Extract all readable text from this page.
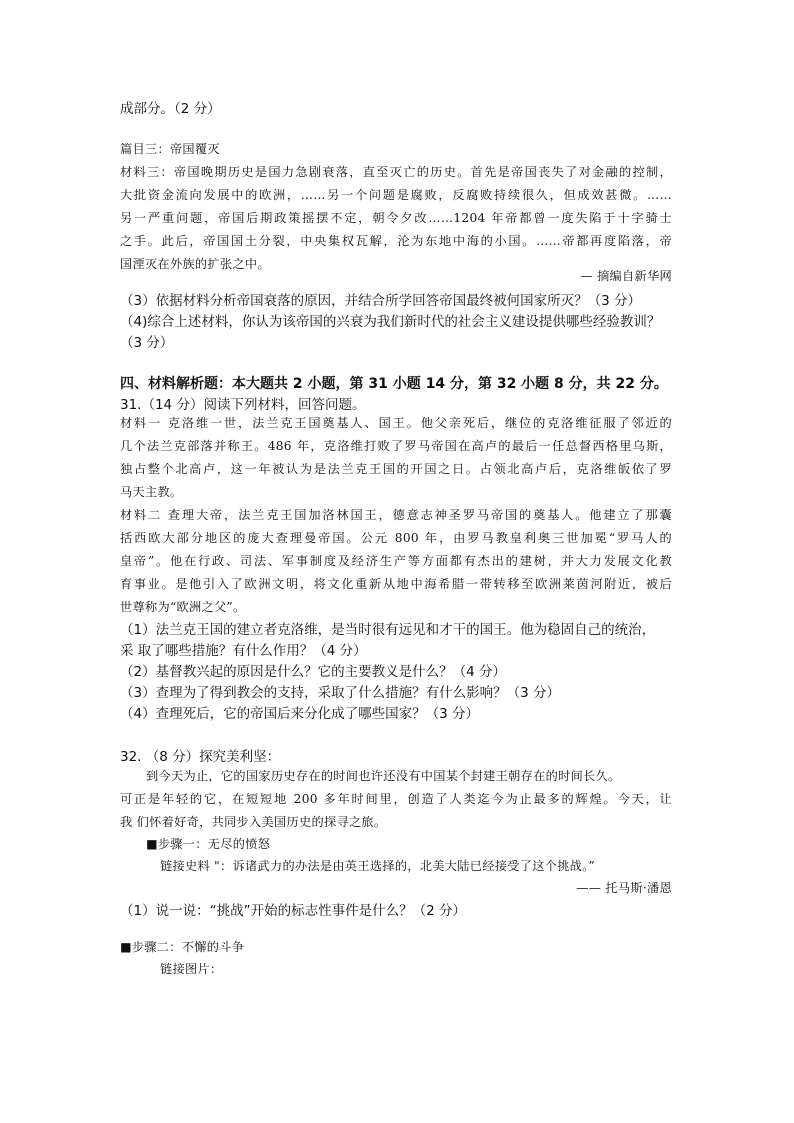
成部分。（2 分）
篇目三：帝国覆灭
材料三：帝国晚期历史是国力急剧衰落，直至灭亡的历史。首先是帝国丧失了对金融的控制，
大批资金流向发展中的欧洲，……另一个问题是腐败，反腐败持续很久，但成效甚微。……
另一严重问题，帝国后期政策摇摆不定，朝令夕改……1204 年帝都曾一度失陷于十字骑士
之手。此后，帝国国土分裂，中央集权瓦解，沦为东地中海的小国。……帝都再度陷落，帝
国湮灭在外族的扩张之中。
— 摘编自新华网
（3）依据材料分析帝国衰落的原因，并结合所学回答帝国最终被何国家所灭？（3 分）
（4)综合上述材料，你认为该帝国的兴衰为我们新时代的社会主义建设提供哪些经验教训？
（3 分）
四、材料解析题：本大题共 2 小题，第 31 小题 14 分，第 32 小题 8 分，共 22 分。
31.（14 分）阅读下列材料，回答问题。
材料一 克洛维一世，法兰克王国奠基人、国王。他父亲死后，继位的克洛维征服了邻近的
几个法兰克部落并称王。486 年，克洛维打败了罗马帝国在高卢的最后一任总督西格里乌斯，
独占整个北高卢，这一年被认为是法兰克王国的开国之日。占领北高卢后，克洛维皈依了罗
马天主教。
材料二 查理大帝，法兰克王国加洛林国王，德意志神圣罗马帝国的奠基人。他建立了那囊
括西欧大部分地区的庞大查理曼帝国。公元 800 年，由罗马教皇利奥三世加冕“罗马人的
皇帝”。他在行政、司法、军事制度及经济生产等方面都有杰出的建树，并大力发展文化教
育事业。是他引入了欧洲文明，将文化重新从地中海希腊一带转移至欧洲莱茵河附近，被后
世尊称为“欧洲之父”。
（1）法兰克王国的建立者克洛维，是当时很有远见和才干的国王。他为稳固自己的统治，
采 取了哪些措施？有什么作用？（4 分）
（2）基督教兴起的原因是什么？它的主要教义是什么？（4 分）
（3）查理为了得到教会的支持，采取了什么措施？有什么影响？（3 分）
（4）查理死后，它的帝国后来分化成了哪些国家？（3 分）
32. （8 分）探究美利坚：
到今天为止，它的国家历史存在的时间也许还没有中国某个封建王朝存在的时间长久。
可正是年轻的它，在短短地 200 多年时间里，创造了人类迄今为止最多的辉煌。今天，让
我 们怀着好奇，共同步入美国历史的探寻之旅。
■步骤一：无尽的愤怒
链接史料 "：诉诸武力的办法是由英王选择的，北美大陆已经接受了这个挑战。”
—— 托马斯·潘恩
（1）说一说：“挑战”开始的标志性事件是什么？（2 分）
■步骤二：不懈的斗争
链接图片：
